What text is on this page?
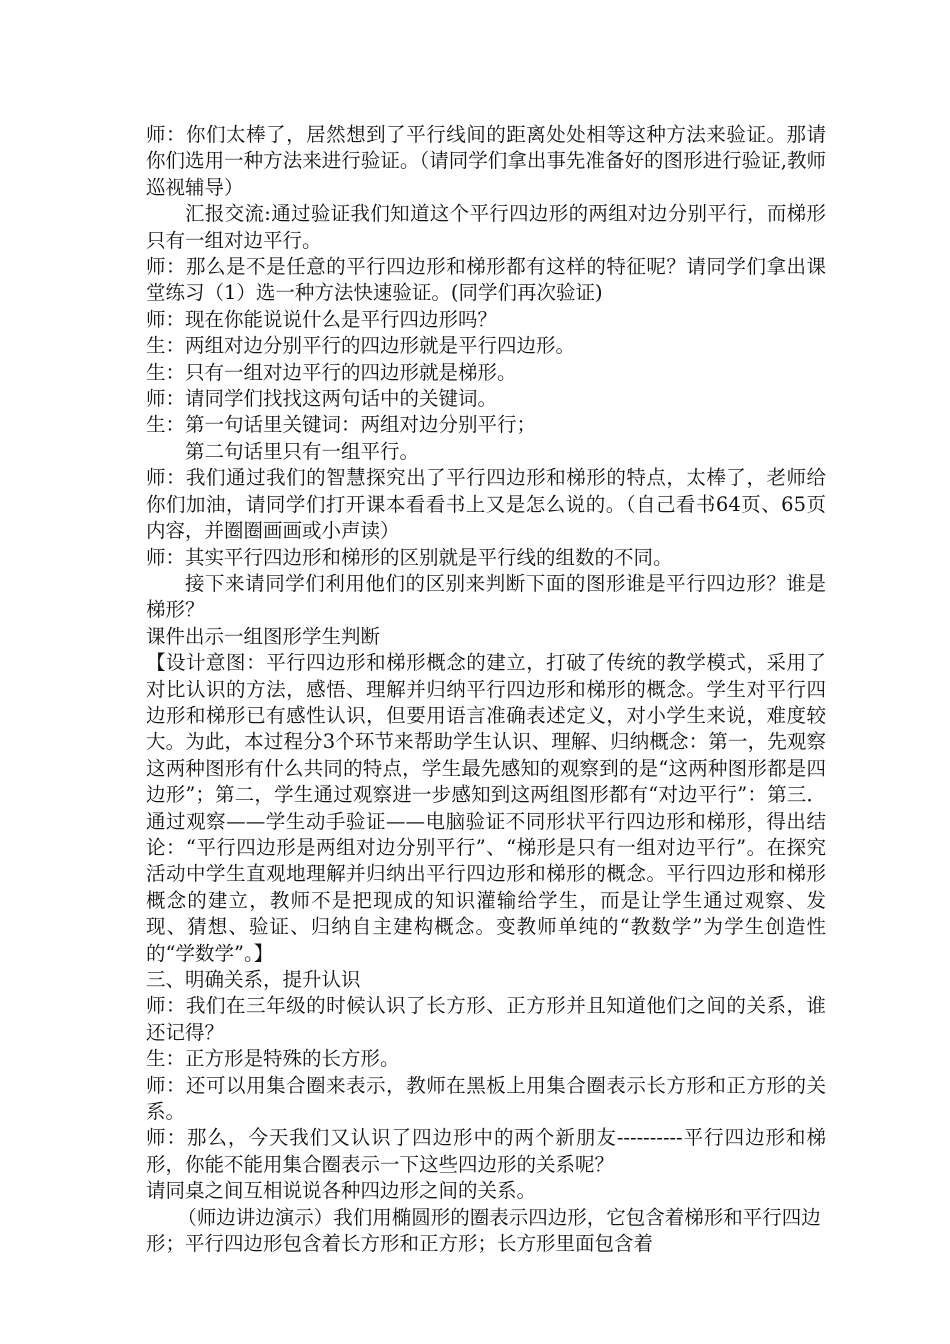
师：你们太棒了，居然想到了平行线间的距离处处相等这种方法来验证。那请你们选用一种方法来进行验证。（请同学们拿出事先准备好的图形进行验证,教师巡视辅导）

汇报交流:通过验证我们知道这个平行四边形的两组对边分别平行，而梯形只有一组对边平行。

师：那么是不是任意的平行四边形和梯形都有这样的特征呢？请同学们拿出课堂练习（1）选一种方法快速验证。(同学们再次验证)

师：现在你能说说什么是平行四边形吗？

生：两组对边分别平行的四边形就是平行四边形。

生：只有一组对边平行的四边形就是梯形。

师：请同学们找找这两句话中的关键词。

生：第一句话里关键词：两组对边分别平行；

第二句话里只有一组平行。

师：我们通过我们的智慧探究出了平行四边形和梯形的特点，太棒了，老师给你们加油，请同学们打开课本看看书上又是怎么说的。（自己看书64页、65页内容，并圈圈画画或小声读）

师：其实平行四边形和梯形的区别就是平行线的组数的不同。

接下来请同学们利用他们的区别来判断下面的图形谁是平行四边形？谁是梯形？

课件出示一组图形学生判断

【设计意图：平行四边形和梯形概念的建立，打破了传统的教学模式，采用了对比认识的方法，感悟、理解并归纳平行四边形和梯形的概念。学生对平行四边形和梯形已有感性认识，但要用语言准确表述定义，对小学生来说，难度较大。为此，本过程分3个环节来帮助学生认识、理解、归纳概念：第一，先观察这两种图形有什么共同的特点，学生最先感知的观察到的是“这两种图形都是四边形”；第二，学生通过观察进一步感知到这两组图形都有“对边平行”：第三．通过观察——学生动手验证——电脑验证不同形状平行四边形和梯形，得出结论：“平行四边形是两组对边分别平行”、“梯形是只有一组对边平行”。在探究活动中学生直观地理解并归纳出平行四边形和梯形的概念。平行四边形和梯形概念的建立，教师不是把现成的知识灌输给学生，而是让学生通过观察、发现、猜想、验证、归纳自主建构概念。变教师单纯的“教数学”为学生创造性的“学数学”。】

三、明确关系，提升认识

师：我们在三年级的时候认识了长方形、正方形并且知道他们之间的关系，谁还记得？

生：正方形是特殊的长方形。

师：还可以用集合圈来表示，教师在黑板上用集合圈表示长方形和正方形的关系。

师：那么，今天我们又认识了四边形中的两个新朋友----------平行四边形和梯形，你能不能用集合圈表示一下这些四边形的关系呢？

请同桌之间互相说说各种四边形之间的关系。

（师边讲边演示）我们用椭圆形的圈表示四边形，它包含着梯形和平行四边形；平行四边形包含着长方形和正方形；长方形里面包含着
